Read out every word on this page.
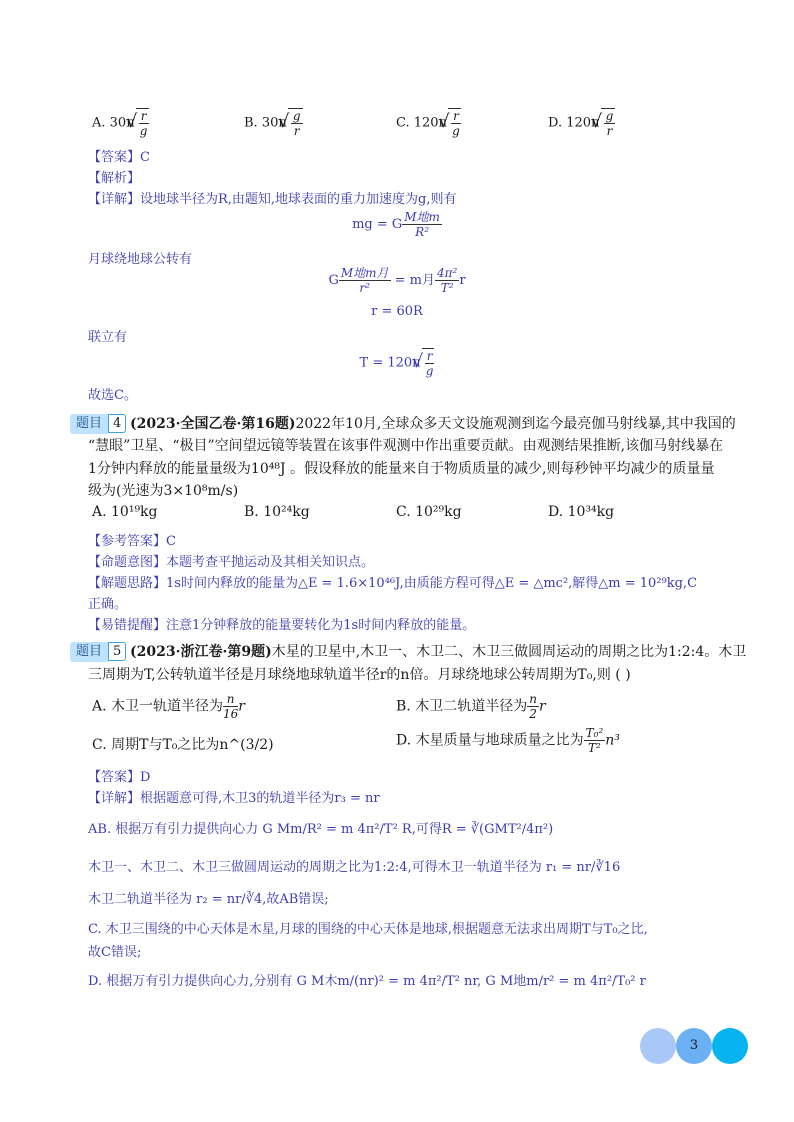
A. 30π √ $\frac{r}{g}$	B. 30π √ $\frac{g}{r}$	C. 120π √ $\frac{r}{g}$	D. 120π √ $\frac{g}{r}$
【答案】C
【解析】
【详解】设地球半径为R,由题知,地球表面的重力加速度为g,则有
mg = G $\frac{\text{M地m}}{\text{R²}}$
月球绕地球公转有
G $\frac{\text{M地m月}}{\text{r²}} = m$月 $\frac{\text{4π²}}{\text{T²}}$ r
r = 60R
联立有
T = 120π √ $\frac{r}{g}$
故选C。
题目 4 (2023·全国乙卷·第16题)2022年10月,全球众多天文设施观测到迄今最亮伽马射线暴,其中我国的
“慧眼”卫星、“极目”空间望远镜等装置在该事件观测中作出重要贡献。由观测结果推断,该伽马射线暴在
1分钟内释放的能量量级为10⁴⁸J 。假设释放的能量来自于物质质量的减少,则每秒钟平均减少的质量量
级为(光速为3×10⁸m/s)
A. 10¹⁹kg	B. 10²⁴kg	C. 10²⁹kg	D. 10³⁴kg
【参考答案】C
【命题意图】本题考查平抛运动及其相关知识点。
【解题思路】1s时间内释放的能量为△E = 1.6×10⁴⁶J,由质能方程可得△E = △mc²,解得△m = 10²⁹kg,C
正确。
【易错提醒】注意1分钟释放的能量要转化为1s时间内释放的能量。
题目 5 (2023·浙江卷·第9题)木星的卫星中,木卫一、木卫二、木卫三做圆周运动的周期之比为1:2:4。木卫
三周期为T,公转轨道半径是月球绕地球轨道半径r的n倍。月球绕地球公转周期为T₀,则 ( )
A. 木卫一轨道半径为 $\frac{n}{16}$ r	B. 木卫二轨道半径为 $\frac{n}{2}$ r
C. 周期T与T₀之比为n^(3/2)	D. 木星质量与地球质量之比为 $\frac{\text{T₀²}}{\text{T²}} n^3$
【答案】D
【详解】根据题意可得,木卫3的轨道半径为r₃ = nr
AB. 根据万有引力提供向心力 G Mm/R² = m 4π²/T² R,可得R = ∛(GMT²/4π²)
木卫一、木卫二、木卫三做圆周运动的周期之比为1:2:4,可得木卫一轨道半径为 r₁ = nr/∛16
木卫二轨道半径为 r₂ = nr/∛4,故AB错误;
C. 木卫三围绕的中心天体是木星,月球的围绕的中心天体是地球,根据题意无法求出周期T与T₀之比,
故C错误;
D. 根据万有引力提供向心力,分别有 G M木m/(nr)² = m 4π²/T² nr, G M地m/r² = m 4π²/T₀² r
3
